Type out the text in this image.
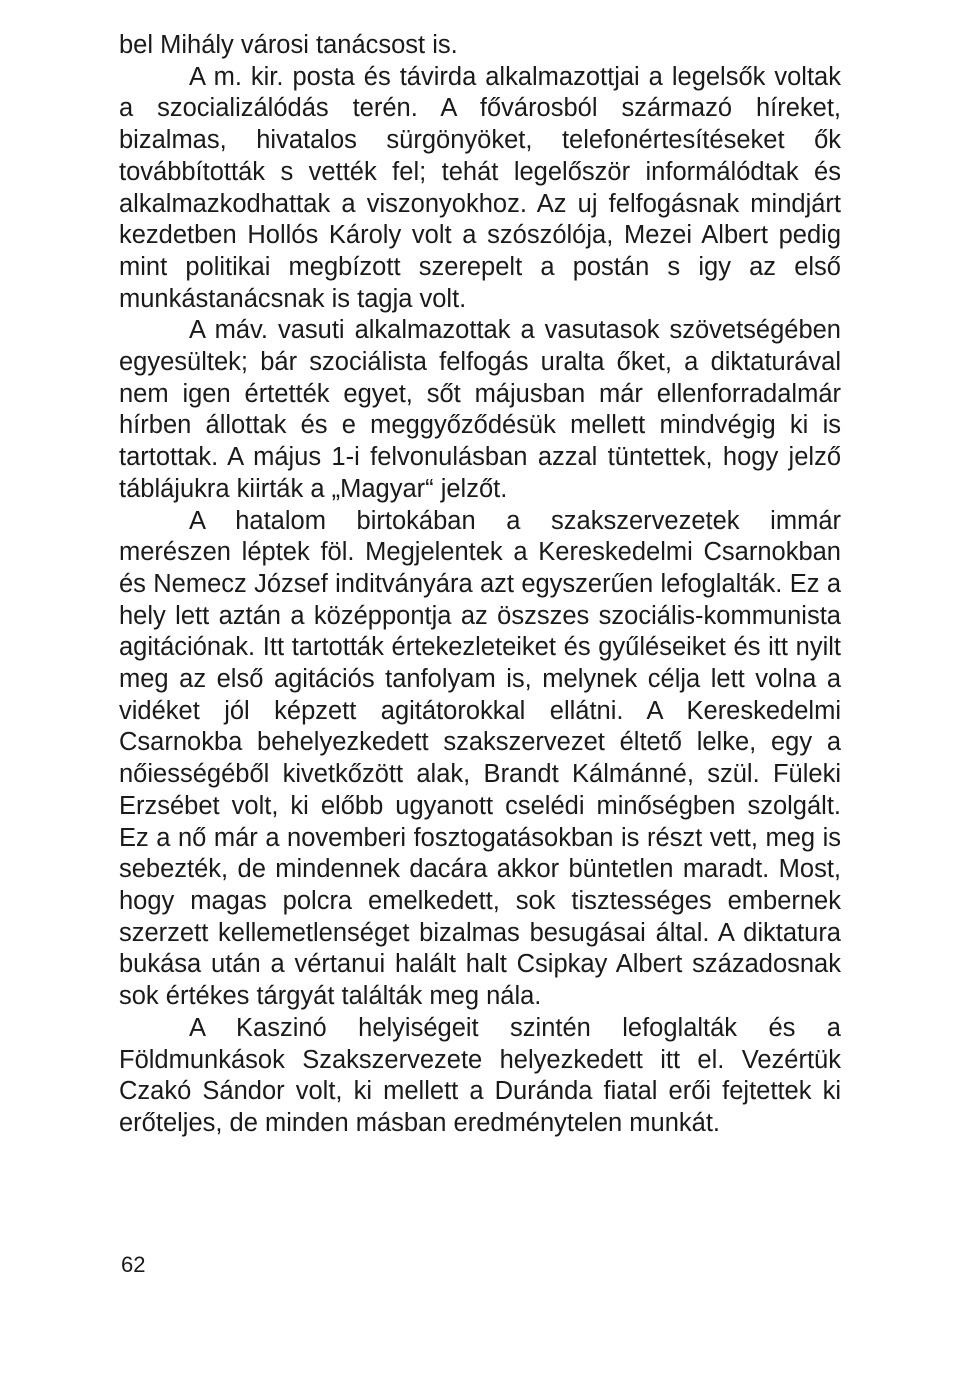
bel Mihály városi tanácsost is.

A m. kir. posta és távirda alkalmazottjai a legelsők voltak a szocializálódás terén. A fővárosból származó híreket, bizalmas, hivatalos sürgönyöket, telefonértesítéseket ők továbbították s vették fel; tehát legelőször informálódtak és alkalmazkodhattak a viszonyokhoz. Az uj felfogásnak mindjárt kezdetben Hollós Károly volt a szószólója, Mezei Albert pedig mint politikai megbízott szerepelt a postán s igy az első munkástanácsnak is tagja volt.

A máv. vasuti alkalmazottak a vasutasok szövetségében egyesültek; bár szociálista felfogás uralta őket, a diktaturával nem igen értették egyet, sőt májusban már ellenforradalmár hírben állottak és e meggyőződésük mellett mindvégig ki is tartottak. A május 1-i felvonulásban azzal tüntettek, hogy jelző táblájukra kiirták a „Magyar“ jelzőt.

A hatalom birtokában a szakszervezetek immár merészen léptek föl. Megjelentek a Kereskedelmi Csarnokban és Nemecz József inditványára azt egyszerűen lefoglalták. Ez a hely lett aztán a középpontja az öszszes szociális-kommunista agitációnak. Itt tartották értekezleteiket és gyűléseiket és itt nyilt meg az első agitációs tanfolyam is, melynek célja lett volna a vidéket jól képzett agitátorokkal ellátni. A Kereskedelmi Csarnokba behelyezkedett szakszervezet éltető lelke, egy a nőiességéből kivetkőzött alak, Brandt Kálmánné, szül. Füleki Erzsébet volt, ki előbb ugyanott cselédi minőségben szolgált. Ez a nő már a novemberi fosztogatásokban is részt vett, meg is sebezték, de mindennek dacára akkor büntetlen maradt. Most, hogy magas polcra emelkedett, sok tisztességes embernek szerzett kellemetlenséget bizalmas besugásai által. A diktatura bukása után a vértanui halált halt Csipkay Albert századosnak sok értékes tárgyát találták meg nála.

A Kaszinó helyiségeit szintén lefoglalták és a Földmunkások Szakszervezete helyezkedett itt el. Vezértük Czakó Sándor volt, ki mellett a Duránda fiatal erői fejtettek ki erőteljes, de minden másban eredménytelen munkát.

62
